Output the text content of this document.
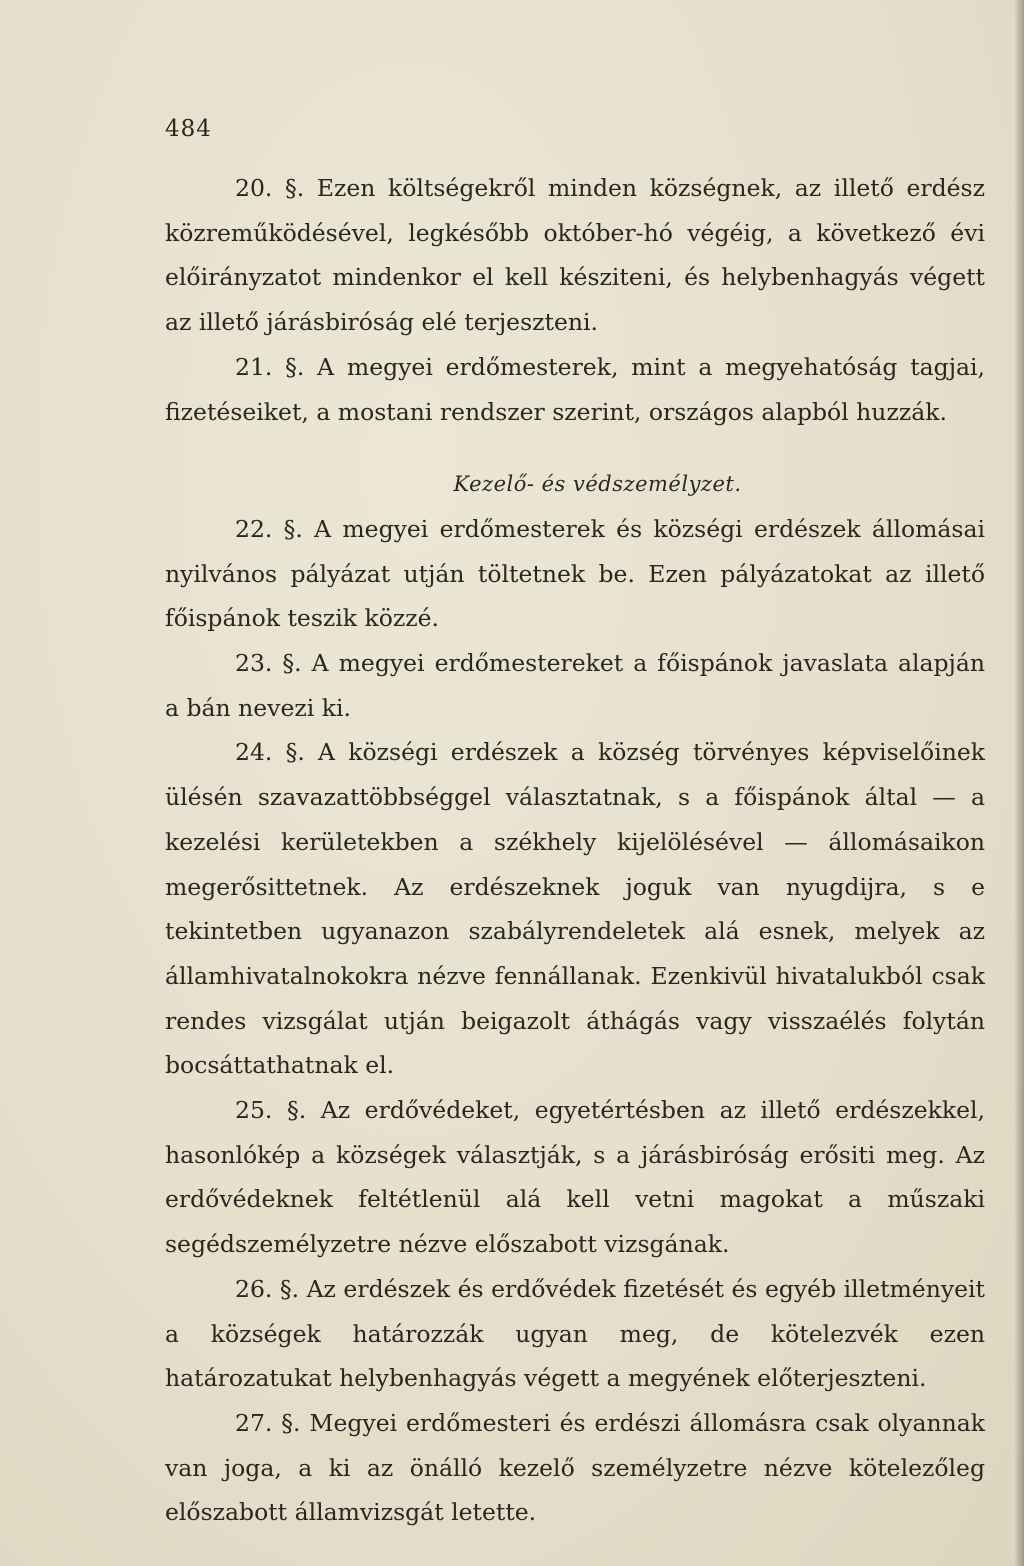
484

20. §. Ezen költségekről minden községnek, az illető erdész közreműködésével, legkésőbb október-hó végéig, a következő évi előirányzatot mindenkor el kell késziteni, és helybenhagyás végett az illető járásbiróság elé terjeszteni.

21. §. A megyei erdőmesterek, mint a megyehatóság tagjai, fizetéseiket, a mostani rendszer szerint, országos alapból huzzák.

Kezelő- és védszemélyzet.

22. §. A megyei erdőmesterek és községi erdészek állomásai nyilvános pályázat utján töltetnek be. Ezen pályázatokat az illető főispánok teszik közzé.

23. §. A megyei erdőmestereket a főispánok javaslata alapján a bán nevezi ki.

24. §. A községi erdészek a község törvényes képviselőinek ülésén szavazattöbbséggel választatnak, s a főispánok által — a kezelési kerületekben a székhely kijelölésével — állomásaikon megerősittetnek. Az erdészeknek joguk van nyugdijra, s e tekintetben ugyanazon szabályrendeletek alá esnek, melyek az államhivatalnokokra nézve fennállanak. Ezenkivül hivatalukból csak rendes vizsgálat utján beigazolt áthágás vagy visszaélés folytán bocsáttathatnak el.

25. §. Az erdővédeket, egyetértésben az illető erdészekkel, hasonlókép a községek választják, s a járásbiróság erősiti meg. Az erdővédeknek feltétlenül alá kell vetni magokat a műszaki segédszemélyzetre nézve előszabott vizsgának.

26. §. Az erdészek és erdővédek fizetését és egyéb illetményeit a községek határozzák ugyan meg, de kötelezvék ezen határozatukat helybenhagyás végett a megyének előterjeszteni.

27. §. Megyei erdőmesteri és erdészi állomásra csak olyannak van joga, a ki az önálló kezelő személyzetre nézve kötelezőleg előszabott államvizsgát letette.
